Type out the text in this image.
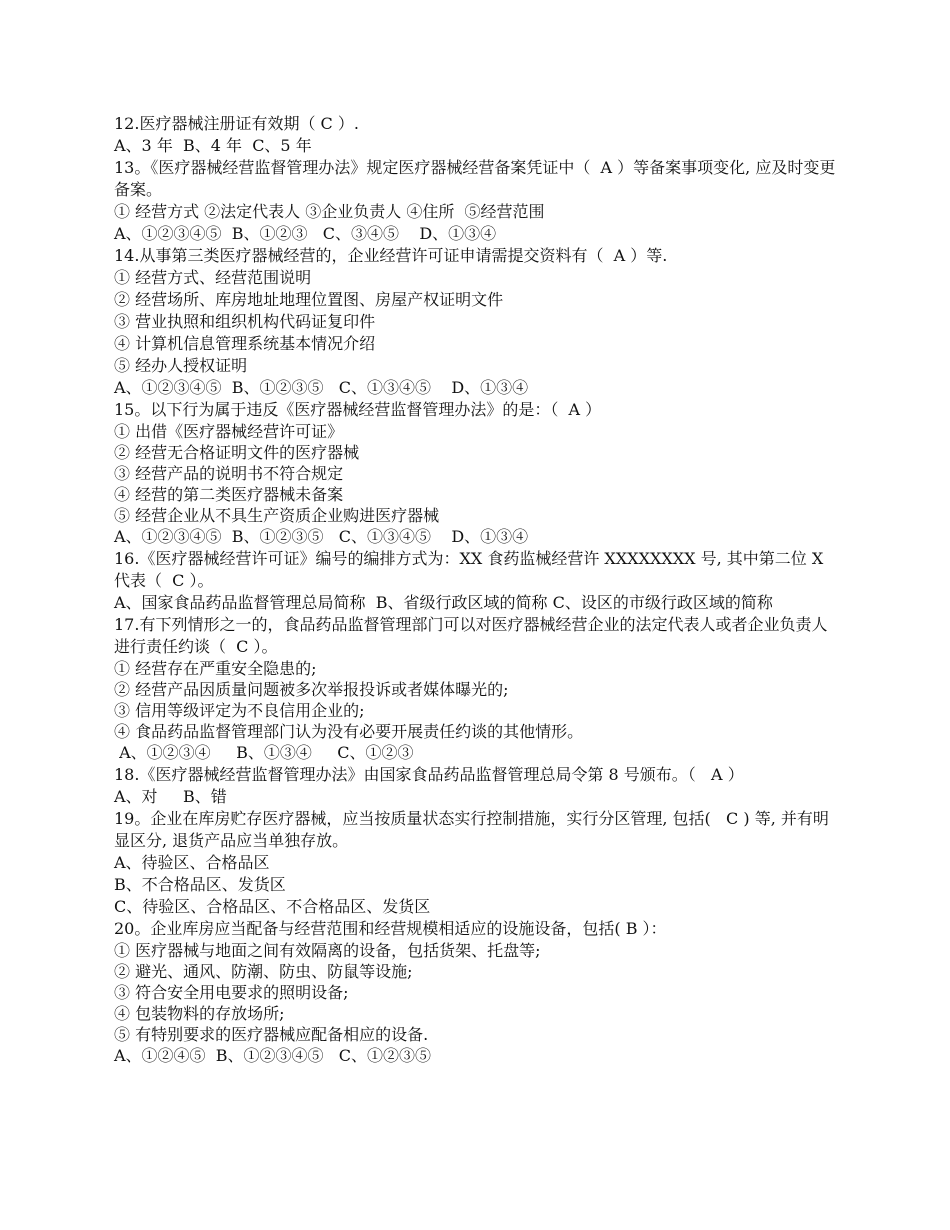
12.医疗器械注册证有效期（ C ）.

A、3 年  B、4 年  C、5 年

13。《医疗器械经营监督管理办法》规定医疗器械经营备案凭证中（  A ）等备案事项变化, 应及时变更备案。

① 经营方式 ②法定代表人 ③企业负责人 ④住所  ⑤经营范围

A、①②③④⑤  B、①②③   C、③④⑤    D、①③④

14.从事第三类医疗器械经营的，企业经营许可证申请需提交资料有（  A ）等.

① 经营方式、经营范围说明

② 经营场所、库房地址地理位置图、房屋产权证明文件

③ 营业执照和组织机构代码证复印件

④ 计算机信息管理系统基本情况介绍

⑤ 经办人授权证明

A、①②③④⑤  B、①②③⑤   C、①③④⑤    D、①③④

15。以下行为属于违反《医疗器械经营监督管理办法》的是：（  A ）

① 出借《医疗器械经营许可证》

② 经营无合格证明文件的医疗器械

③ 经营产品的说明书不符合规定

④ 经营的第二类医疗器械未备案

⑤ 经营企业从不具生产资质企业购进医疗器械

A、①②③④⑤  B、①②③⑤   C、①③④⑤    D、①③④

16.《医疗器械经营许可证》编号的编排方式为：XX 食药监械经营许 XXXXXXXX 号, 其中第二位 X 代表（  C ）。

A、国家食品药品监督管理总局简称  B、省级行政区域的简称 C、设区的市级行政区域的简称

17.有下列情形之一的，食品药品监督管理部门可以对医疗器械经营企业的法定代表人或者企业负责人进行责任约谈（  C ）。

① 经营存在严重安全隐患的;

② 经营产品因质量问题被多次举报投诉或者媒体曝光的;

③ 信用等级评定为不良信用企业的;

④ 食品药品监督管理部门认为没有必要开展责任约谈的其他情形。

A、①②③④     B、①③④     C、①②③

18.《医疗器械经营监督管理办法》由国家食品药品监督管理总局令第 8 号颁布。（   A ）

A、对     B、错

19。企业在库房贮存医疗器械，应当按质量状态实行控制措施，实行分区管理, 包括(   C ) 等, 并有明显区分, 退货产品应当单独存放。

A、待验区、合格品区

B、不合格品区、发货区

C、待验区、合格品区、不合格品区、发货区

20。企业库房应当配备与经营范围和经营规模相适应的设施设备，包括( B ）：

① 医疗器械与地面之间有效隔离的设备，包括货架、托盘等;

② 避光、通风、防潮、防虫、防鼠等设施;

③ 符合安全用电要求的照明设备;

④ 包装物料的存放场所;

⑤ 有特别要求的医疗器械应配备相应的设备.

A、①②④⑤  B、①②③④⑤   C、①②③⑤
